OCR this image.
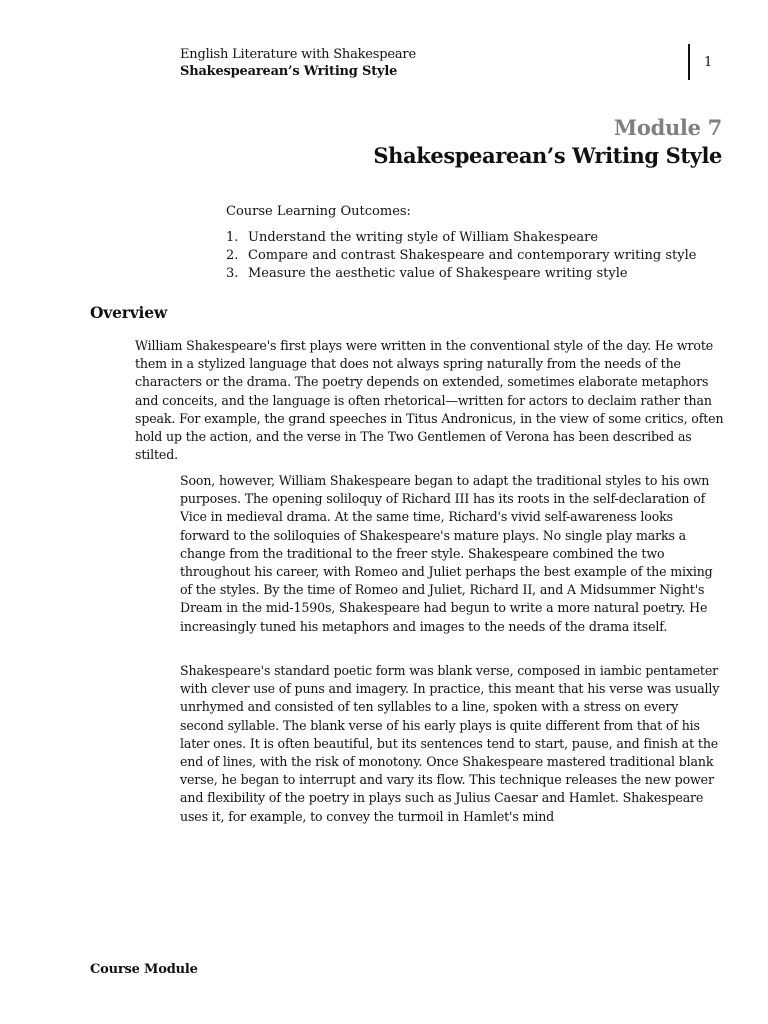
English Literature with Shakespeare
Shakespearean’s Writing Style
1
Module 7
Shakespearean’s Writing Style
Course Learning Outcomes:
1. Understand the writing style of William Shakespeare
2. Compare and contrast Shakespeare and contemporary writing style
3. Measure the aesthetic value of Shakespeare writing style
Overview

William Shakespeare's first plays were written in the conventional style of the day. He wrote them in a stylized language that does not always spring naturally from the needs of the characters or the drama. The poetry depends on extended, sometimes elaborate metaphors and conceits, and the language is often rhetorical—written for actors to declaim rather than speak. For example, the grand speeches in Titus Andronicus, in the view of some critics, often hold up the action, and the verse in The Two Gentlemen of Verona has been described as stilted.

Soon, however, William Shakespeare began to adapt the traditional styles to his own purposes. The opening soliloquy of Richard III has its roots in the self-declaration of Vice in medieval drama. At the same time, Richard's vivid self-awareness looks forward to the soliloquies of Shakespeare's mature plays. No single play marks a change from the traditional to the freer style. Shakespeare combined the two throughout his career, with Romeo and Juliet perhaps the best example of the mixing of the styles. By the time of Romeo and Juliet, Richard II, and A Midsummer Night's Dream in the mid-1590s, Shakespeare had begun to write a more natural poetry. He increasingly tuned his metaphors and images to the needs of the drama itself.

Shakespeare's standard poetic form was blank verse, composed in iambic pentameter with clever use of puns and imagery. In practice, this meant that his verse was usually unrhymed and consisted of ten syllables to a line, spoken with a stress on every second syllable. The blank verse of his early plays is quite different from that of his later ones. It is often beautiful, but its sentences tend to start, pause, and finish at the end of lines, with the risk of monotony. Once Shakespeare mastered traditional blank verse, he began to interrupt and vary its flow. This technique releases the new power and flexibility of the poetry in plays such as Julius Caesar and Hamlet. Shakespeare uses it, for example, to convey the turmoil in Hamlet's mind

Course Module
